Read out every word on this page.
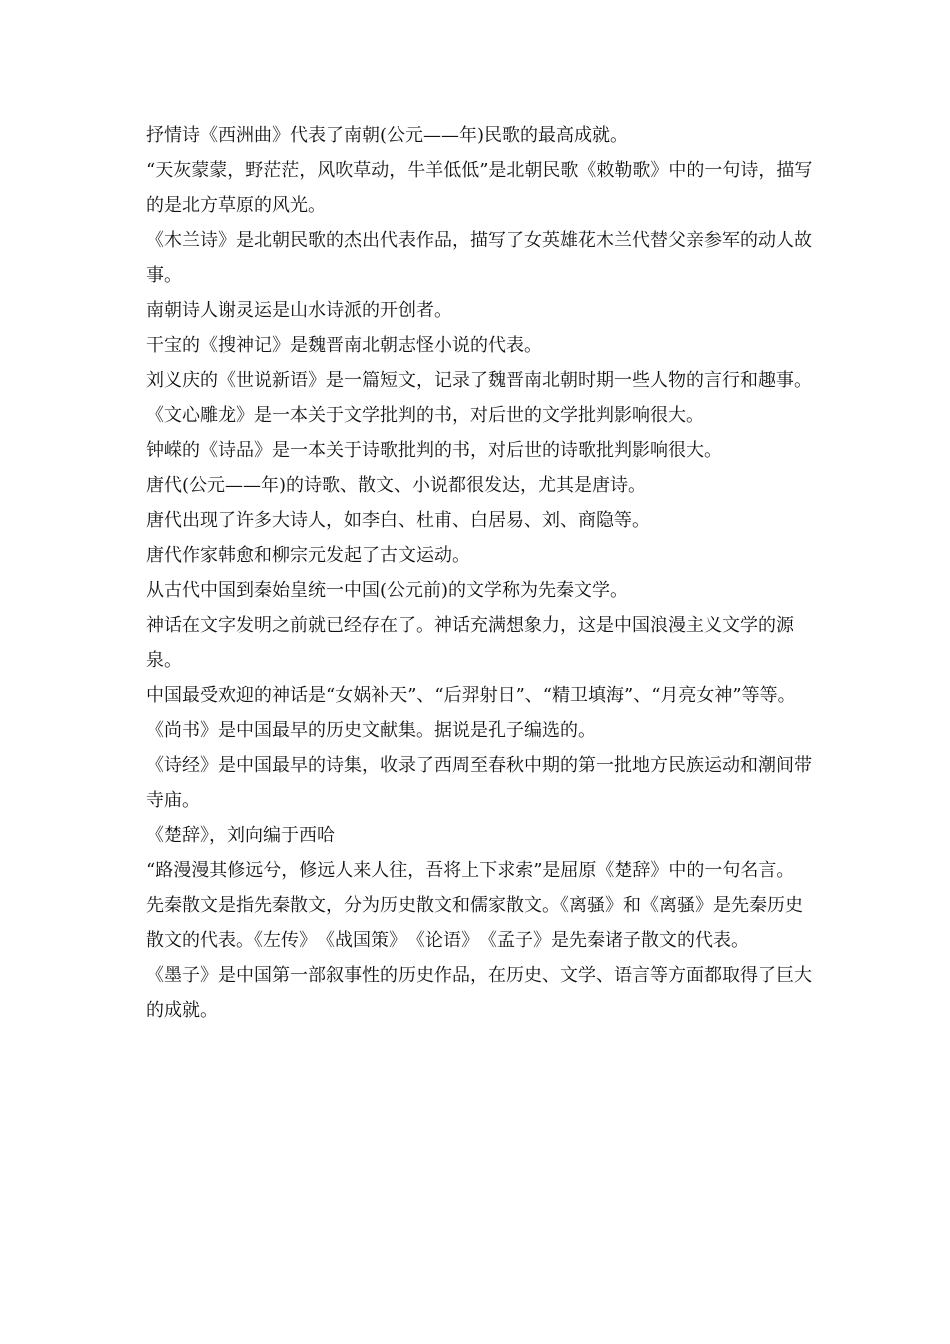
抒情诗《西洲曲》代表了南朝(公元——年)民歌的最高成就。

“天灰蒙蒙，野茫茫，风吹草动，牛羊低低”是北朝民歌《敕勒歌》中的一句诗，描写的是北方草原的风光。

《木兰诗》是北朝民歌的杰出代表作品，描写了女英雄花木兰代替父亲参军的动人故事。

南朝诗人谢灵运是山水诗派的开创者。

干宝的《搜神记》是魏晋南北朝志怪小说的代表。

刘义庆的《世说新语》是一篇短文，记录了魏晋南北朝时期一些人物的言行和趣事。

《文心雕龙》是一本关于文学批判的书，对后世的文学批判影响很大。

钟嵘的《诗品》是一本关于诗歌批判的书，对后世的诗歌批判影响很大。

唐代(公元——年)的诗歌、散文、小说都很发达，尤其是唐诗。

唐代出现了许多大诗人，如李白、杜甫、白居易、刘、商隐等。

唐代作家韩愈和柳宗元发起了古文运动。

从古代中国到秦始皇统一中国(公元前)的文学称为先秦文学。

神话在文字发明之前就已经存在了。神话充满想象力，这是中国浪漫主义文学的源泉。

中国最受欢迎的神话是“女娲补天”、“后羿射日”、“精卫填海”、“月亮女神”等等。

《尚书》是中国最早的历史文献集。据说是孔子编选的。

《诗经》是中国最早的诗集，收录了西周至春秋中期的第一批地方民族运动和潮间带寺庙。

《楚辞》，刘向编于西哈

“路漫漫其修远兮，修远人来人往，吾将上下求索”是屈原《楚辞》中的一句名言。

先秦散文是指先秦散文，分为历史散文和儒家散文。《离骚》和《离骚》是先秦历史散文的代表。《左传》　《战国策》　《论语》　《孟子》是先秦诸子散文的代表。

《墨子》是中国第一部叙事性的历史作品，在历史、文学、语言等方面都取得了巨大的成就。
